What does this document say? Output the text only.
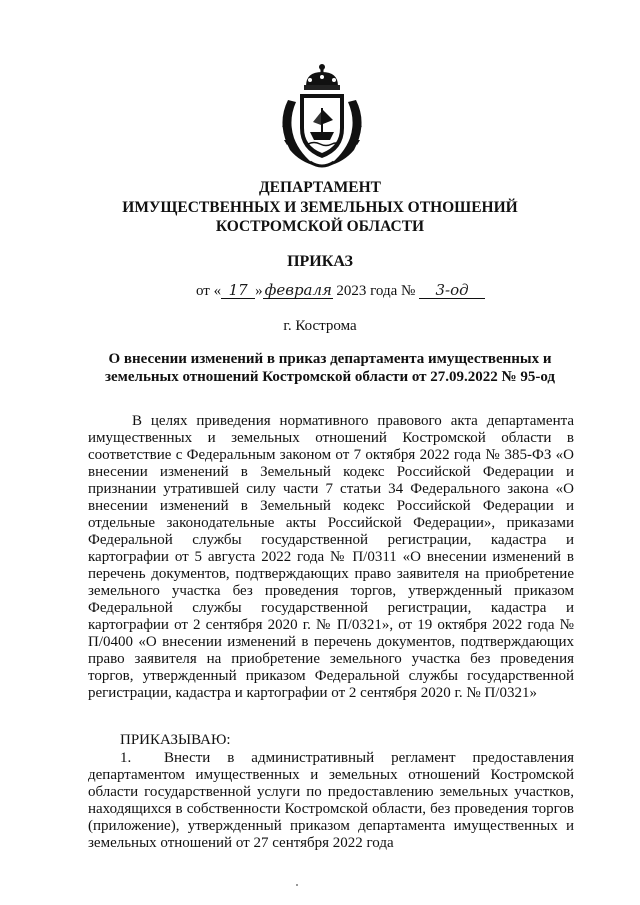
ДЕПАРТАМЕНТ
ИМУЩЕСТВЕННЫХ И ЗЕМЕЛЬНЫХ ОТНОШЕНИЙ
КОСТРОМСКОЙ ОБЛАСТИ
ПРИКАЗ
от « 17 » февраля 2023 года № 3-од
г. Кострома
О внесении изменений в приказ департамента имущественных и
земельных отношений Костромской области от 27.09.2022 № 95-од
В целях приведения нормативного правового акта департамента имущественных и земельных отношений Костромской области в соответствие с Федеральным законом от 7 октября 2022 года № 385-ФЗ «О внесении изменений в Земельный кодекс Российской Федерации и признании утратившей силу части 7 статьи 34 Федерального закона «О внесении изменений в Земельный кодекс Российской Федерации и отдельные законодательные акты Российской Федерации», приказами Федеральной службы государственной регистрации, кадастра и картографии от 5 августа 2022 года № П/0311 «О внесении изменений в перечень документов, подтверждающих право заявителя на приобретение земельного участка без проведения торгов, утвержденный приказом Федеральной службы государственной регистрации, кадастра и картографии от 2 сентября 2020 г. № П/0321», от 19 октября 2022 года № П/0400 «О внесении изменений в перечень документов, подтверждающих право заявителя на приобретение земельного участка без проведения торгов, утвержденный приказом Федеральной службы государственной регистрации, кадастра и картографии от 2 сентября 2020 г. № П/0321»
ПРИКАЗЫВАЮ:
1. Внести в административный регламент предоставления департаментом имущественных и земельных отношений Костромской области государственной услуги по предоставлению земельных участков, находящихся в собственности Костромской области, без проведения торгов (приложение), утвержденный приказом департамента имущественных и земельных отношений от 27 сентября 2022 года
